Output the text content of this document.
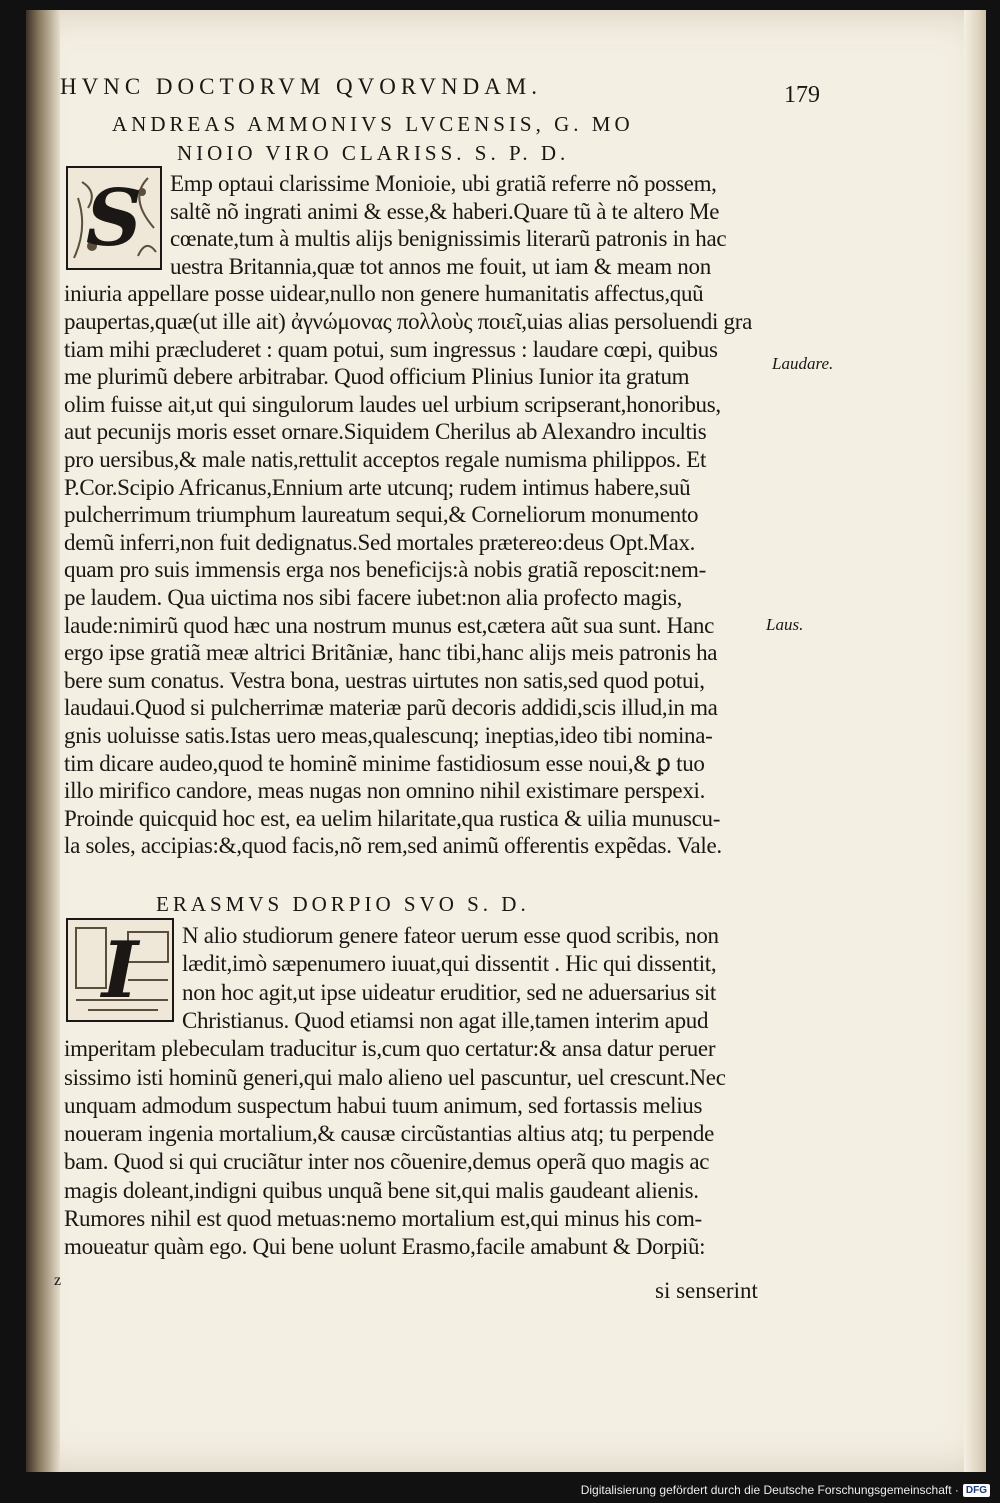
HVNC DOCTORVM QVORVNDAM.	179
ANDREAS AMMONIVS LVCENSIS, G. MO
NIOIO VIRO CLARISS. S. P. D.
S Emp optaui clarissime Monioie, ubi gratiã referre nõ possem,
saltẽ nõ ingrati animi & esse,& haberi.Quare tũ à te altero Me
cœnate,tum à multis alijs benignissimis literarũ patronis in hac
uestra Britannia,quæ tot annos me fouit, ut iam & meam non
iniuria appellare posse uidear,nullo non genere humanitatis affectus,quũ
paupertas,quæ(ut ille ait) ἀγνώμονας πολλοὺς ποιεῖ,uias alias persoluendi gra
tiam mihi præcluderet : quam potui, sum ingressus : laudare cœpi, quibus
me plurimũ debere arbitrabar. Quod officium Plinius Iunior ita gratum
olim fuisse ait,ut qui singulorum laudes uel urbium scripserant,honoribus,
aut pecunijs moris esset ornare.Siquidem Cherilus ab Alexandro incultis
pro uersibus,& male natis,rettulit acceptos regale numisma philippos. Et
P.Cor.Scipio Africanus,Ennium arte utcunq; rudem intimus habere,suũ
pulcherrimum triumphum laureatum sequi,& Corneliorum monumento
demũ inferri,non fuit dedignatus.Sed mortales prætereo:deus Opt.Max.
quam pro suis immensis erga nos beneficijs:à nobis gratiã reposcit:nem-
pe laudem. Qua uictima nos sibi facere iubet:non alia profecto magis,
laude:nimirũ quod hæc una nostrum munus est,cætera aũt sua sunt. Hanc
ergo ipse gratiã meæ altrici Britãniæ, hanc tibi,hanc alijs meis patronis ha
bere sum conatus. Vestra bona, uestras uirtutes non satis,sed quod potui,
laudaui.Quod si pulcherrimæ materiæ parũ decoris addidi,scis illud,in ma
gnis uoluisse satis.Istas uero meas,qualescunq; ineptias,ideo tibi nomina-
tim dicare audeo,quod te hominẽ minime fastidiosum esse noui,& ꝑ tuo
illo mirifico candore, meas nugas non omnino nihil existimare perspexi.
Proinde quicquid hoc est, ea uelim hilaritate,qua rustica & uilia munuscu-
la soles, accipias:&,quod facis,nõ rem,sed animũ offerentis expẽdas. Vale.
Laudare.
Laus.
ERASMVS DORPIO SVO S. D.
I N alio studiorum genere fateor uerum esse quod scribis, non
lædit,imò sæpenumero iuuat,qui dissentit . Hic qui dissentit,
non hoc agit,ut ipse uideatur eruditior, sed ne aduersarius sit
Christianus. Quod etiamsi non agat ille,tamen interim apud
imperitam plebeculam traducitur is,cum quo certatur:& ansa datur peruer
sissimo isti hominũ generi,qui malo alieno uel pascuntur, uel crescunt.Nec
unquam admodum suspectum habui tuum animum, sed fortassis melius
noueram ingenia mortalium,& causæ circũstantias altius atq; tu perpende
bam. Quod si qui cruciãtur inter nos cõuenire,demus operã quo magis ac
magis doleant,indigni quibus unquã bene sit,qui malis gaudeant alienis.
Rumores nihil est quod metuas:nemo mortalium est,qui minus his com-
moueatur quàm ego. Qui bene uolunt Erasmo,facile amabunt & Dorpiũ:
z	si senserint
Digitalisierung gefördert durch die Deutsche Forschungsgemeinschaft · DFG
